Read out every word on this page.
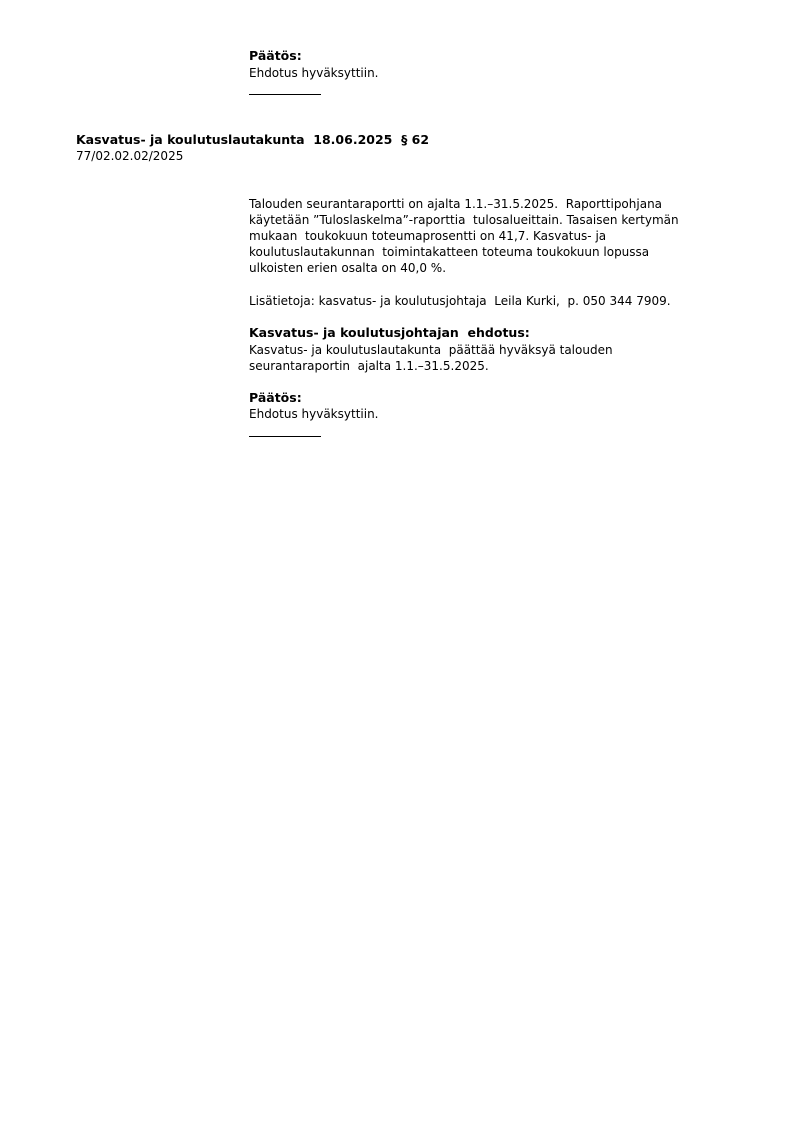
Päätös:
Ehdotus hyväksyttiin.
Kasvatus- ja koulutuslautakunta  18.06.2025  § 62
77/02.02.02/2025
Talouden seurantaraportti on ajalta 1.1.–31.5.2025.  Raporttipohjana
käytetään ”Tuloslaskelma”-raporttia  tulosalueittain. Tasaisen kertymän
mukaan  toukokuun toteumaprosentti on 41,7. Kasvatus- ja
koulutuslautakunnan  toimintakatteen toteuma toukokuun lopussa
ulkoisten erien osalta on 40,0 %.
Lisätietoja: kasvatus- ja koulutusjohtaja  Leila Kurki,  p. 050 344 7909.
Kasvatus- ja koulutusjohtajan  ehdotus:
Kasvatus- ja koulutuslautakunta  päättää hyväksyä talouden
seurantaraportin  ajalta 1.1.–31.5.2025.
Päätös:
Ehdotus hyväksyttiin.
